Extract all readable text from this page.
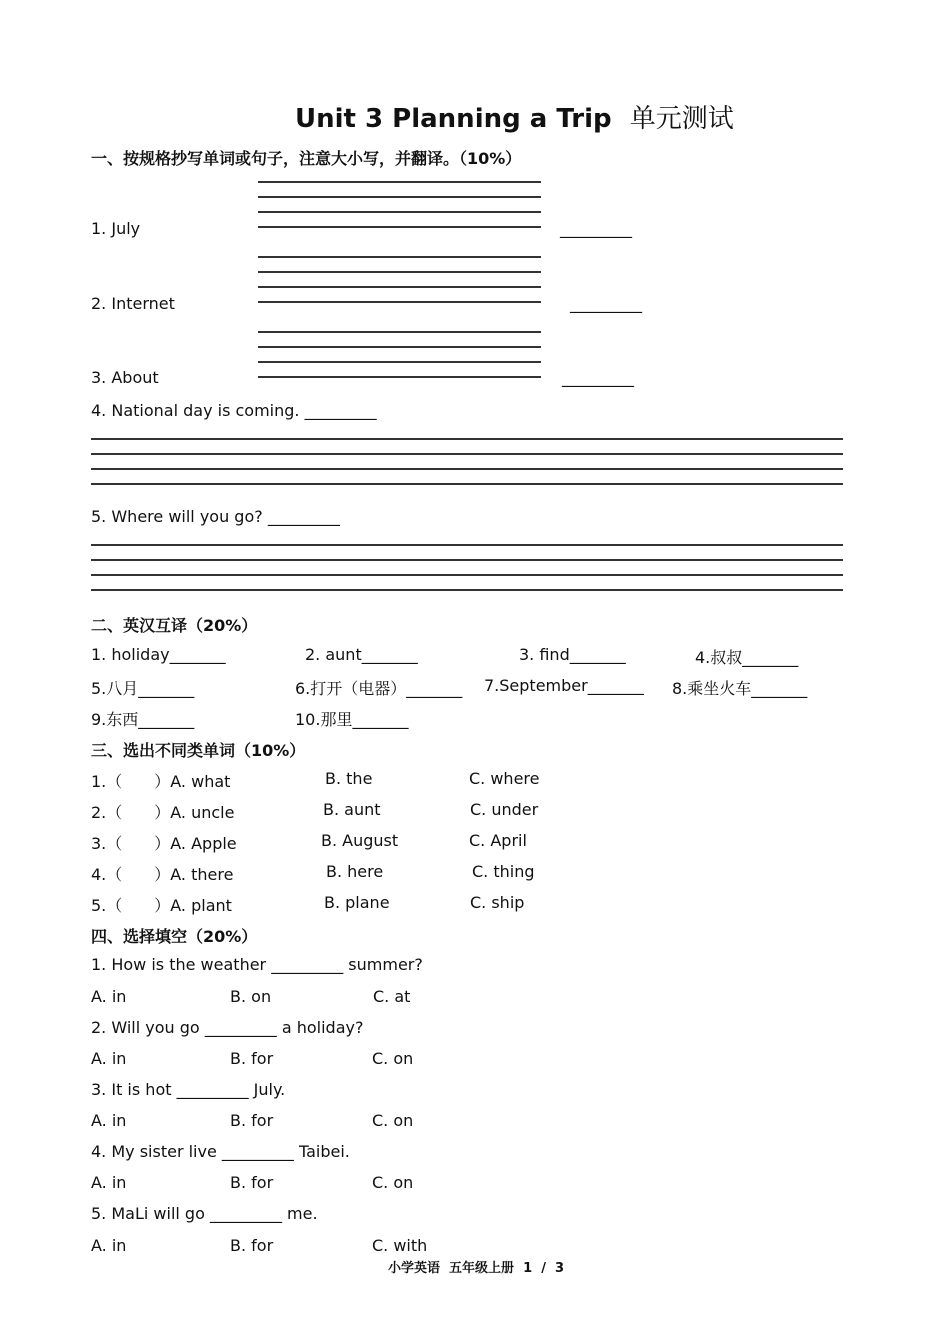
Unit 3 Planning a Trip 单元测试
一、按规格抄写单词或句子，注意大小写，并翻译。（10%）
1. July	_________
2. Internet	_________
3. About	_________
4. National day is coming. _________
5. Where will you go? _________
二、英汉互译（20%）
1. holiday_______	2. aunt_______	3. find_______	4.叔叔_______
5.八月_______	6.打开（电器）_______ 7.September_______ 8.乘坐火车_______
9.东西_______	10.那里_______
三、选出不同类单词（10%）
1.（　　）A. what	B. the	C. where
2.（　　）A. uncle	B. aunt	C. under
3.（　　）A. Apple	B. August	C. April
4.（　　）A. there	B. here	C. thing
5.（　　）A. plant	B. plane	C. ship
四、选择填空（20%）
1. How is the weather _________ summer?
A. in	B. on	C. at
2. Will you go _________ a holiday?
A. in	B. for	C. on
3. It is hot _________ July.
A. in	B. for	C. on
4. My sister live _________ Taibei.
A. in	B. for	C. on
5. MaLi will go _________ me.
A. in	B. for	C. with
小学英语  五年级上册  1  /  3
